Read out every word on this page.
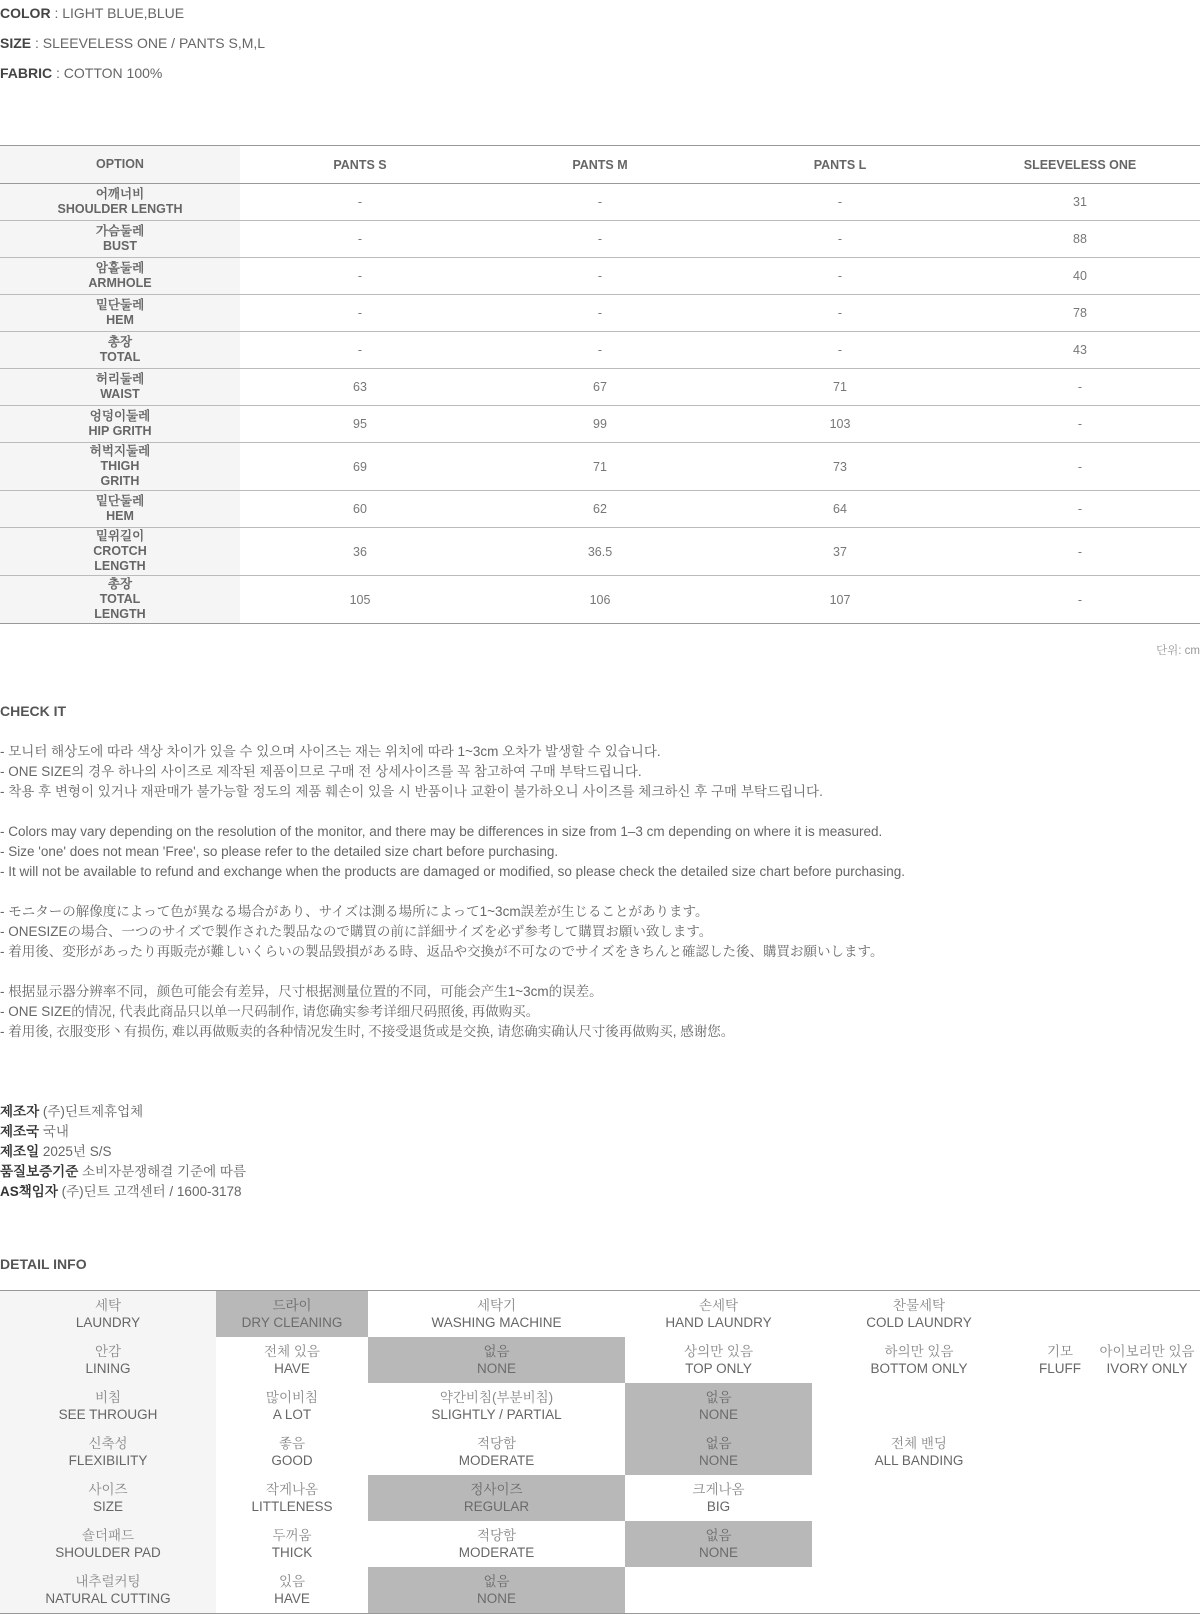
COLOR : LIGHT BLUE,BLUE
SIZE : SLEEVELESS ONE / PANTS S,M,L
FABRIC : COTTON 100%
OPTION	PANTS S	PANTS M	PANTS L	SLEEVELESS ONE

어깨너비
SHOULDER LENGTH	-	-	-	31

가슴둘레
BUST	-	-	-	88

암홀둘레
ARMHOLE	-	-	-	40

밑단둘레
HEM	-	-	-	78

총장
TOTAL	-	-	-	43

허리둘레
WAIST	63	67	71	-

엉덩이둘레
HIP GRITH	95	99	103	-

허벅지둘레
THIGH
GRITH	69	71	73	-

밑단둘레
HEM	60	62	64	-

밑위길이
CROTCH
LENGTH	36	36.5	37	-

총장
TOTAL
LENGTH	105	106	107	-
단위: cm
CHECK IT
- 모니터 해상도에 따라 색상 차이가 있을 수 있으며 사이즈는 재는 위치에 따라 1~3cm 오차가 발생할 수 있습니다.
- ONE SIZE의 경우 하나의 사이즈로 제작된 제품이므로 구매 전 상세사이즈를 꼭 참고하여 구매 부탁드립니다.
- 착용 후 변형이 있거나 재판매가 불가능할 정도의 제품 훼손이 있을 시 반품이나 교환이 불가하오니 사이즈를 체크하신 후 구매 부탁드립니다.
- Colors may vary depending on the resolution of the monitor, and there may be differences in size from 1–3 cm depending on where it is measured.
- Size 'one' does not mean 'Free', so please refer to the detailed size chart before purchasing.
- It will not be available to refund and exchange when the products are damaged or modified, so please check the detailed size chart before purchasing.
- モニターの解像度によって色が異なる場合があり、サイズは測る場所によって1~3cm誤差が生じることがあります。
- ONESIZEの場合、一つのサイズで製作された製品なので購買の前に詳細サイズを必ず参考して購買お願い致します。
- 着用後、変形があったり再販売が難しいくらいの製品毀損がある時、返品や交換が不可なのでサイズをきちんと確認した後、購買お願いします。
- 根据显示器分辨率不同，颜色可能会有差异，尺寸根据测量位置的不同，可能会产生1~3cm的误差。
- ONE SIZE的情况, 代表此商品只以单一尺码制作, 请您确实参考详细尺码照後, 再做购买。
- 着用後, 衣服变形丶有损伤, 难以再做贩卖的各种情况发生时, 不接受退货或是交换, 请您确实确认尺寸後再做购买, 感谢您。
제조자 (주)딘트제휴업체
제조국 국내
제조일 2025년 S/S
품질보증기준 소비자분쟁해결 기준에 따름
AS책임자 (주)딘트 고객센터 / 1600-3178
DETAIL INFO
세탁
LAUNDRY	드라이
DRY CLEANING	세탁기
WASHING MACHINE	손세탁
HAND LAUNDRY		찬물세탁
COLD LAUNDRY		

안감
LINING	전체 있음
HAVE	없음
NONE	상의만 있음
TOP ONLY		하의만 있음
BOTTOM ONLY	기모
FLUFF	아이보리만 있음
IVORY ONLY

비침
SEE THROUGH	많이비침
A LOT	약간비침(부분비침)
SLIGHTLY / PARTIAL	없음
NONE				

신축성
FLEXIBILITY	좋음
GOOD	적당함
MODERATE	없음
NONE		전체 밴딩
ALL BANDING		

사이즈
SIZE	작게나옴
LITTLENESS	정사이즈
REGULAR	크게나옴
BIG				

숄더패드
SHOULDER PAD	두꺼움
THICK	적당함
MODERATE	없음
NONE				

내추럴커팅
NATURAL CUTTING	있음
HAVE	없음
NONE					
